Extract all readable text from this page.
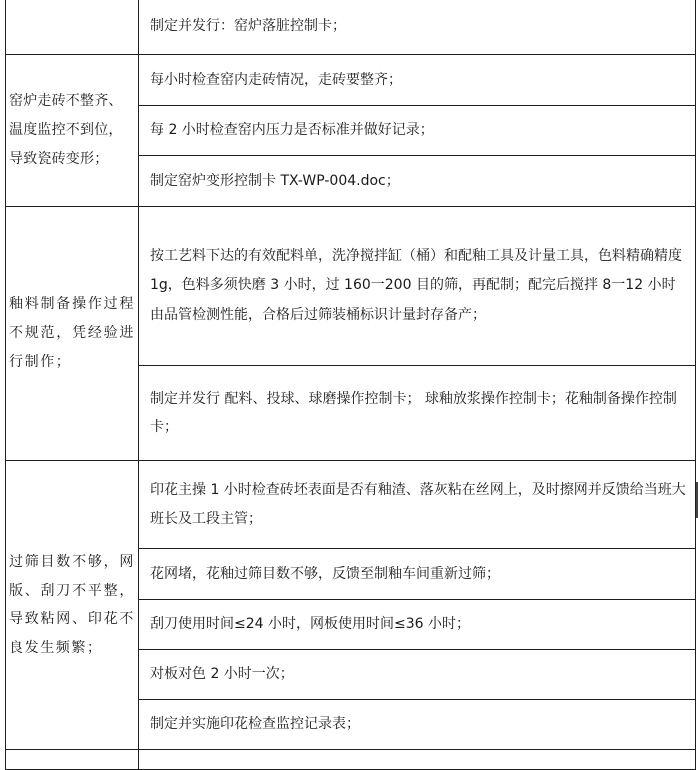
	制定并发行：窑炉落脏控制卡；
窑炉走砖不整齐、温度监控不到位，导致瓷砖变形；	每小时检查窑内走砖情况，走砖要整齐；
	每 2 小时检查窑内压力是否标准并做好记录；
	制定窑炉变形控制卡 TX-WP-004.doc；
釉料制备操作过程不规范，凭经验进行制作；	按工艺料下达的有效配料单，洗净搅拌缸（桶）和配釉工具及计量工具，色料精确精度 1g，色料多须快磨 3 小时，过 160一200 目的筛，再配制；配完后搅拌 8一12 小时由品管检测性能，合格后过筛装桶标识计量封存备产；
	制定并发行 配料、投球、球磨操作控制卡； 球釉放浆操作控制卡；花釉制备操作控制卡；
过筛目数不够，网版、刮刀不平整，导致粘网、印花不良发生频繁；	印花主操 1 小时检查砖坯表面是否有釉渣、落灰粘在丝网上，及时擦网并反馈给当班大班长及工段主管；
	花网堵，花釉过筛目数不够，反馈至制釉车间重新过筛；
	刮刀使用时间≤24 小时，网板使用时间≤36 小时；
	对板对色 2 小时一次；
	制定并实施印花检查监控记录表；
